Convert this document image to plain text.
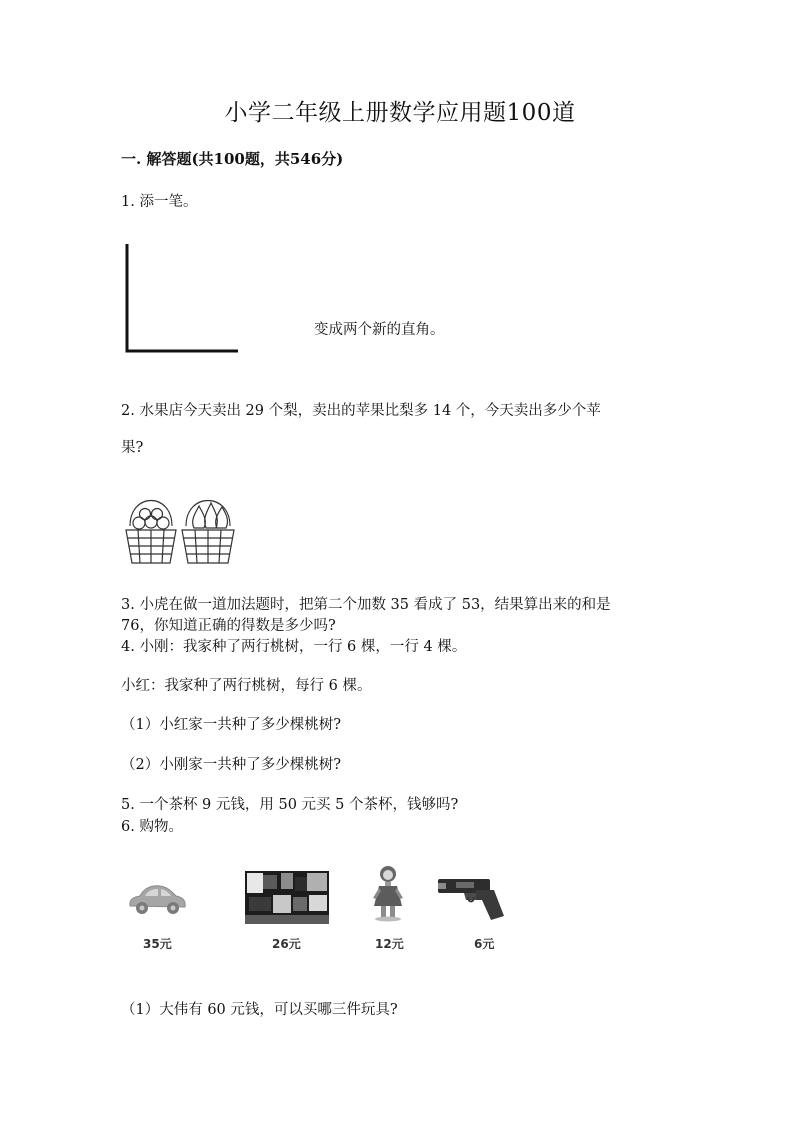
小学二年级上册数学应用题100道
一. 解答题(共100题，共546分)
1. 添一笔。
变成两个新的直角。
2. 水果店今天卖出 29 个梨，卖出的苹果比梨多 14 个，今天卖出多少个苹
果?
3. 小虎在做一道加法题时，把第二个加数 35 看成了 53，结果算出来的和是
76，你知道正确的得数是多少吗?
4. 小刚：我家种了两行桃树，一行 6 棵，一行 4 棵。
小红：我家种了两行桃树，每行 6 棵。
（1）小红家一共种了多少棵桃树?
（2）小刚家一共种了多少棵桃树?
5. 一个茶杯 9 元钱，用 50 元买 5 个茶杯，钱够吗?
6. 购物。
35元	26元	12元	6元
（1）大伟有 60 元钱，可以买哪三件玩具?
